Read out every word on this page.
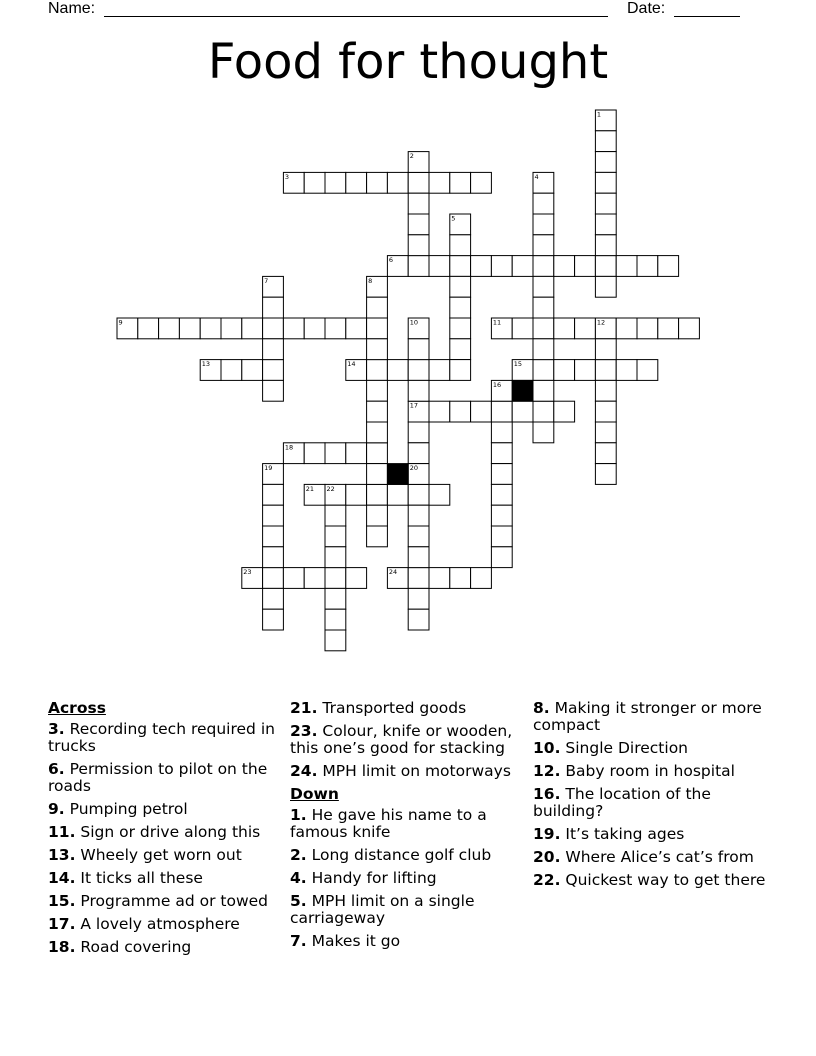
Name:	Date:
Food for thought
3
6
9	11
13	14	15
17
18
21
23	24
1
2
4
5
7	8
10	12
16
19	20
22
Across
3. Recording tech required in trucks
6. Permission to pilot on the roads
9. Pumping petrol
11. Sign or drive along this
13. Wheely get worn out
14. It ticks all these
15. Programme ad or towed
17. A lovely atmosphere
18. Road covering
21. Transported goods
23. Colour, knife or wooden, this one’s good for stacking
24. MPH limit on motorways
Down
1. He gave his name to a famous knife
2. Long distance golf club
4. Handy for lifting
5. MPH limit on a single carriageway
7. Makes it go
8. Making it stronger or more compact
10. Single Direction
12. Baby room in hospital
16. The location of the building?
19. It’s taking ages
20. Where Alice’s cat’s from
22. Quickest way to get there
